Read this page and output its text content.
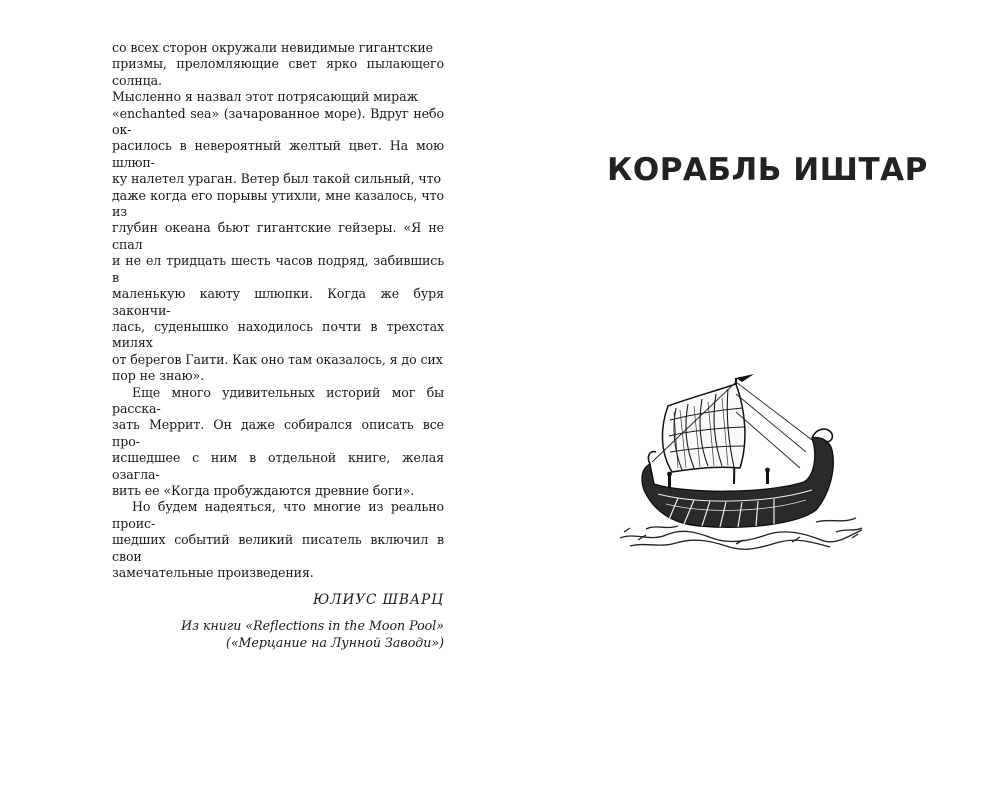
со всех сторон окружали невидимые гигантские
призмы, преломляющие свет ярко пылающего солнца.
Мысленно я назвал этот потрясающий мираж
«enchanted sea» (зачарованное море). Вдруг небо ок-
расилось в невероятный желтый цвет. На мою шлюп-
ку налетел ураган. Ветер был такой сильный, что
даже когда его порывы утихли, мне казалось, что из
глубин океана бьют гигантские гейзеры. «Я не спал
и не ел тридцать шесть часов подряд, забившись в
маленькую каюту шлюпки. Когда же буря закончи-
лась, суденышко находилось почти в трехстах милях
от берегов Гаити. Как оно там оказалось, я до сих
пор не знаю».

Еще много удивительных историй мог бы расска-
зать Меррит. Он даже собирался описать все про-
исшедшее с ним в отдельной книге, желая озагла-
вить ее «Когда пробуждаются древние боги».

Но будем надеяться, что многие из реально проис-
шедших событий великий писатель включил в свои
замечательные произведения.

ЮЛИУС ШВАРЦ
Из книги «Reflections in the Moon Pool»
(«Мерцание на Лунной Заводи»)
КОРАБЛЬ ИШТАР
